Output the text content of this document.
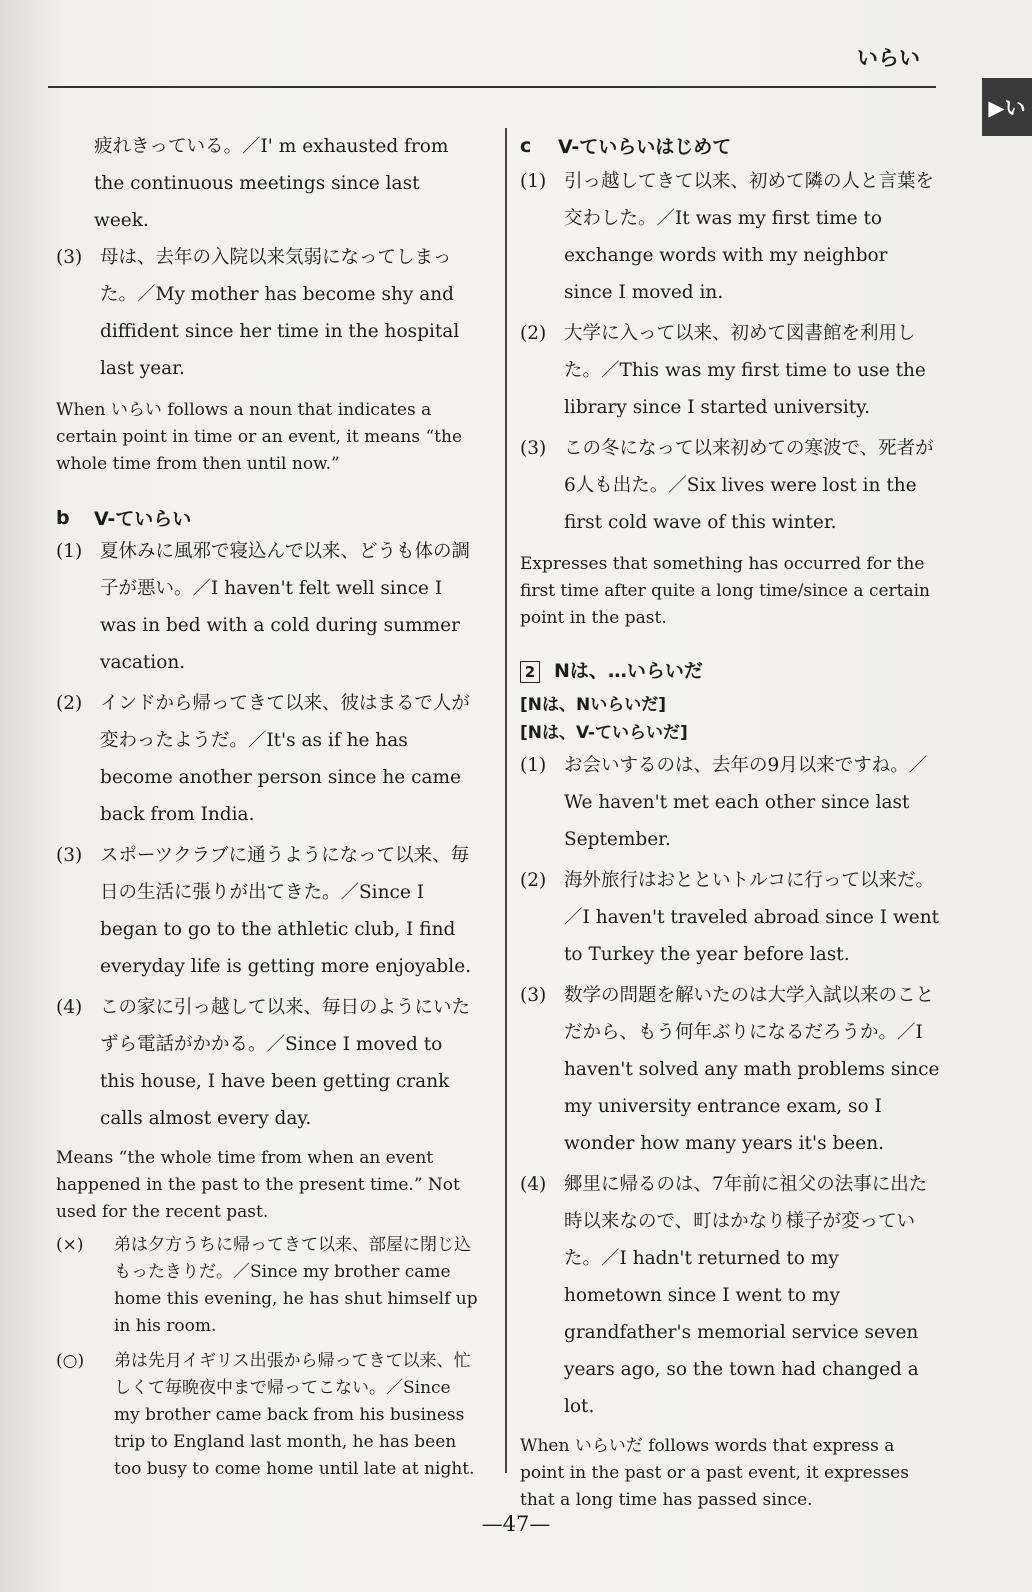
いらい
▶い
疲れきっている。／I' m exhausted from the continuous meetings since last week.
(3) 母は、去年の入院以来気弱になってしまった。／My mother has become shy and diffident since her time in the hospital last year.
When いらい follows a noun that indicates a certain point in time or an event, it means “the whole time from then until now.”
b V-ていらい
(1) 夏休みに風邪で寝込んで以来、どうも体の調子が悪い。／I haven't felt well since I was in bed with a cold during summer vacation.
(2) インドから帰ってきて以来、彼はまるで人が変わったようだ。／It's as if he has become another person since he came back from India.
(3) スポーツクラブに通うようになって以来、毎日の生活に張りが出てきた。／Since I began to go to the athletic club, I find everyday life is getting more enjoyable.
(4) この家に引っ越して以来、毎日のようにいたずら電話がかかる。／Since I moved to this house, I have been getting crank calls almost every day.
Means “the whole time from when an event happened in the past to the present time.” Not used for the recent past.
(×)	弟は夕方うちに帰ってきて以来、部屋に閉じ込もったきりだ。／Since my brother came home this evening, he has shut himself up in his room.
(○)	弟は先月イギリス出張から帰ってきて以来、忙しくて毎晩夜中まで帰ってこない。／Since my brother came back from his business trip to England last month, he has been too busy to come home until late at night.
c V-ていらいはじめて
(1) 引っ越してきて以来、初めて隣の人と言葉を交わした。／It was my first time to exchange words with my neighbor since I moved in.
(2) 大学に入って以来、初めて図書館を利用した。／This was my first time to use the library since I started university.
(3) この冬になって以来初めての寒波で、死者が6人も出た。／Six lives were lost in the first cold wave of this winter.
Expresses that something has occurred for the first time after quite a long time/since a certain point in the past.
2 Nは、…いらいだ
[Nは、Nいらいだ]
[Nは、V-ていらいだ]
(1) お会いするのは、去年の9月以来ですね。／We haven't met each other since last September.
(2) 海外旅行はおとといトルコに行って以来だ。／I haven't traveled abroad since I went to Turkey the year before last.
(3) 数学の問題を解いたのは大学入試以来のことだから、もう何年ぶりになるだろうか。／I haven't solved any math problems since my university entrance exam, so I wonder how many years it's been.
(4) 郷里に帰るのは、7年前に祖父の法事に出た時以来なので、町はかなり様子が変っていた。／I hadn't returned to my hometown since I went to my grandfather's memorial service seven years ago, so the town had changed a lot.
When いらいだ follows words that express a point in the past or a past event, it expresses that a long time has passed since.
—47—
